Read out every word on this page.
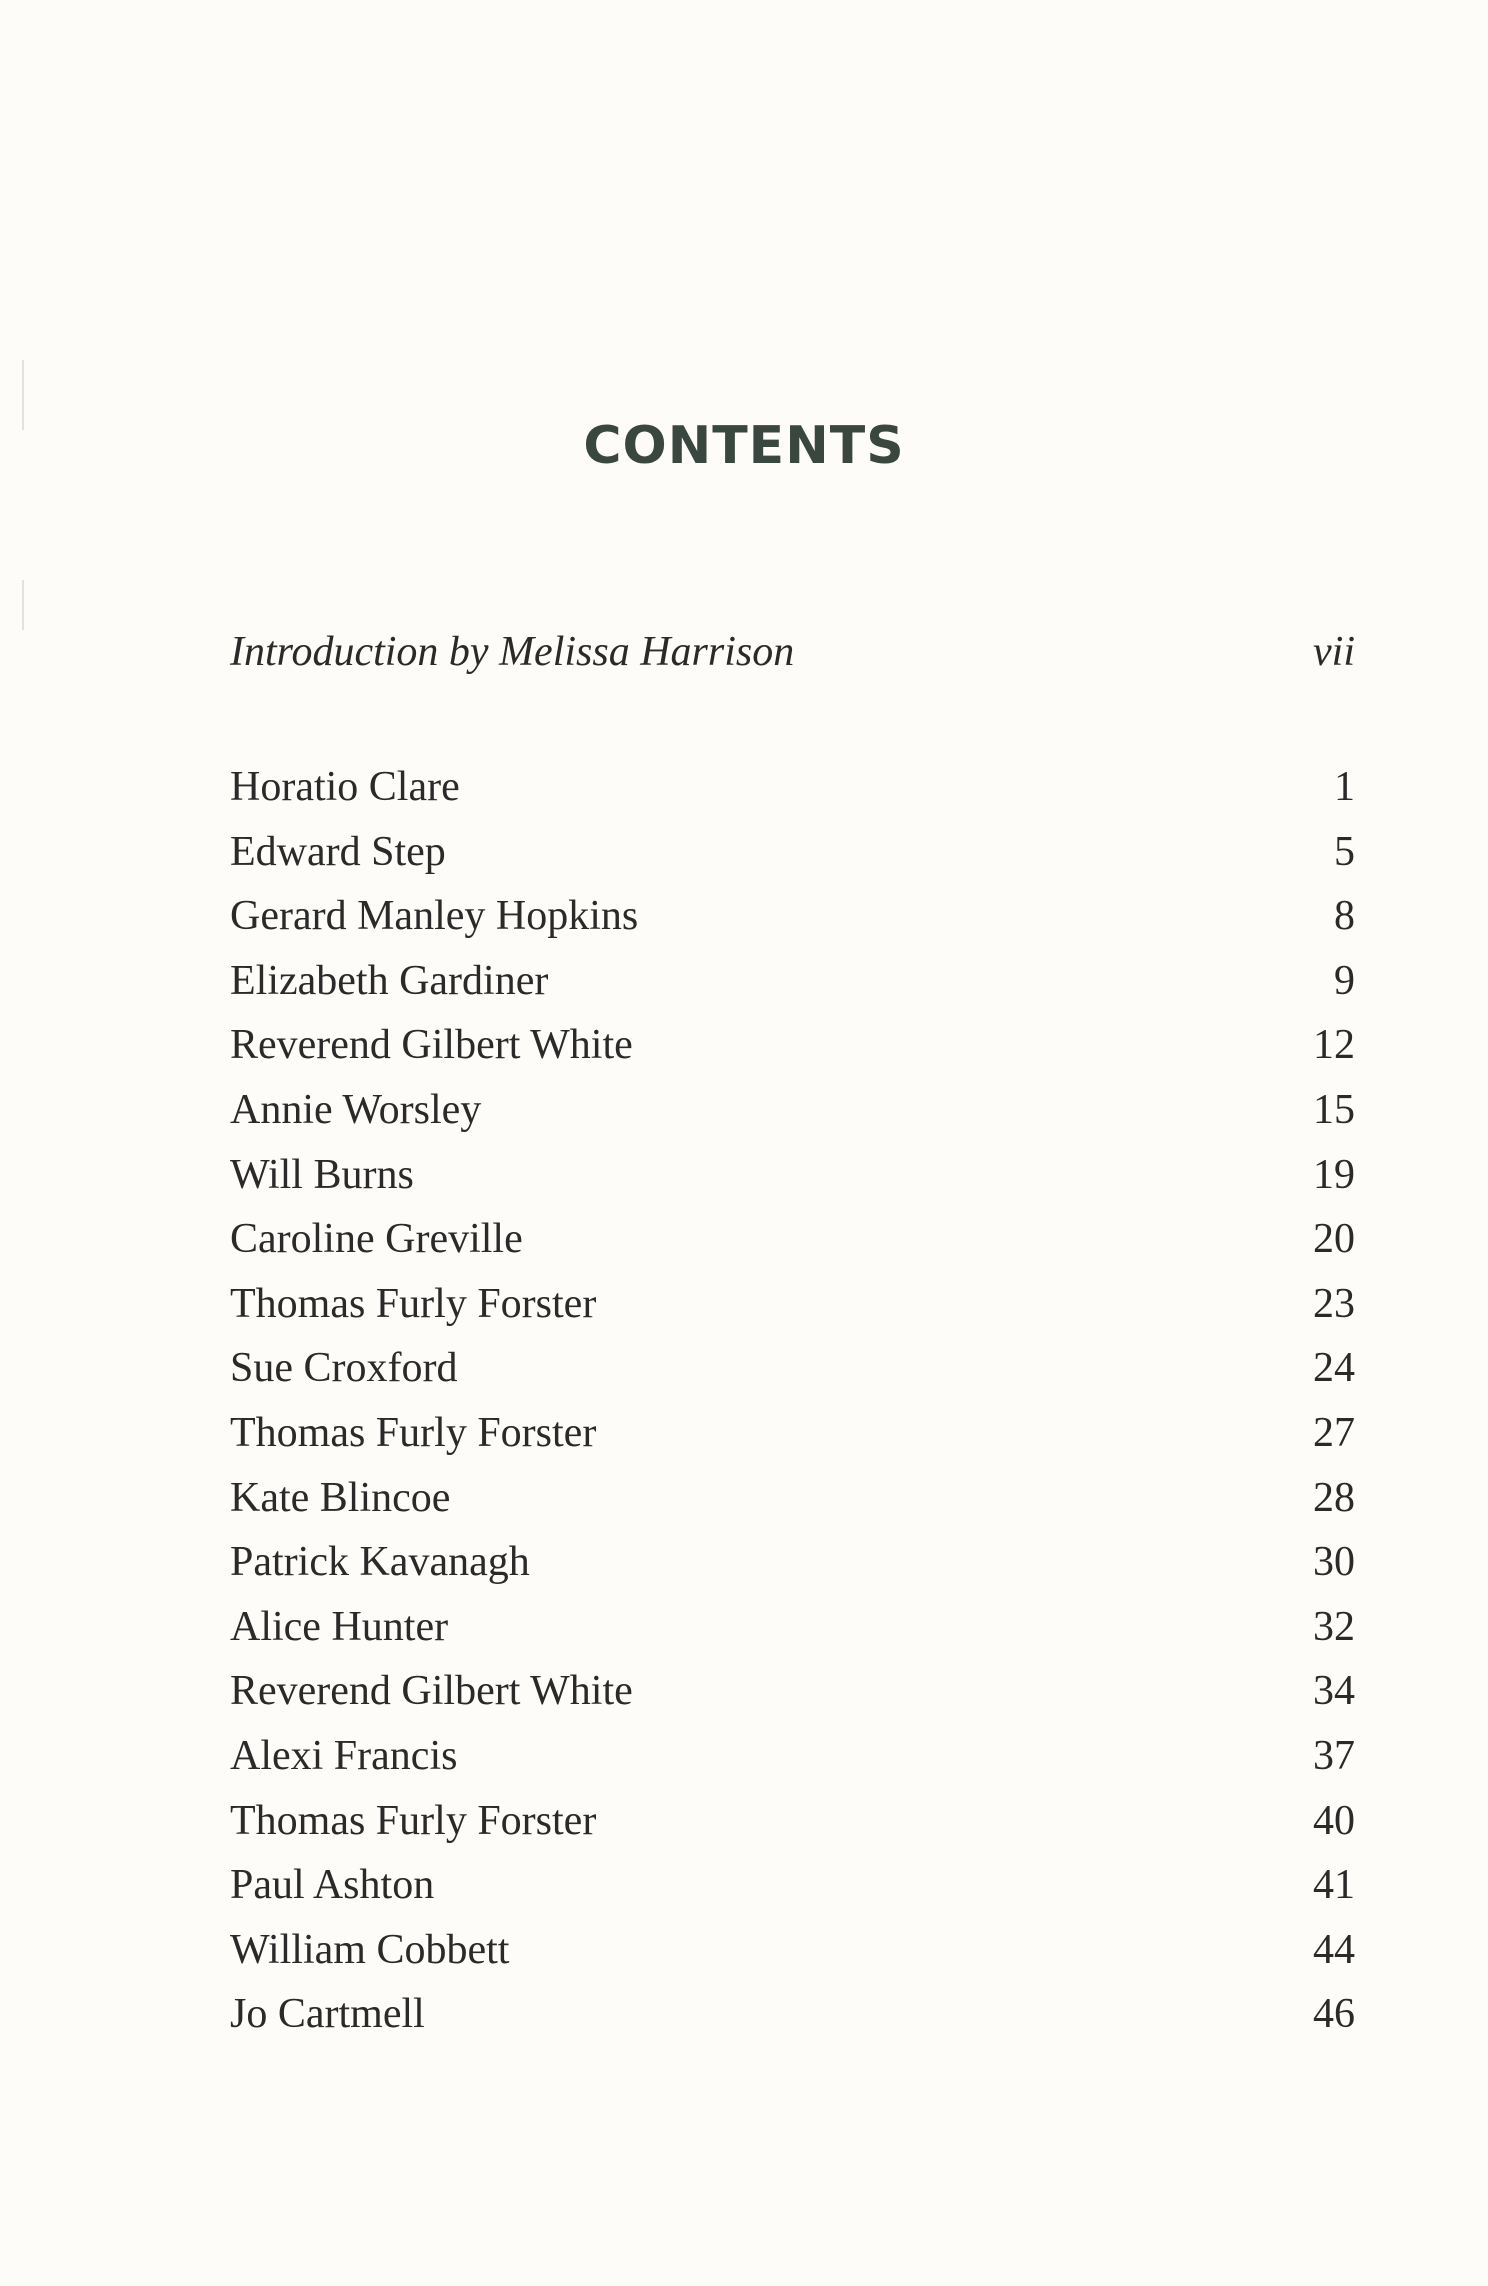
CONTENTS
Introduction by Melissa Harrison	vii
Horatio Clare	1
Edward Step	5
Gerard Manley Hopkins	8
Elizabeth Gardiner	9
Reverend Gilbert White	12
Annie Worsley	15
Will Burns	19
Caroline Greville	20
Thomas Furly Forster	23
Sue Croxford	24
Thomas Furly Forster	27
Kate Blincoe	28
Patrick Kavanagh	30
Alice Hunter	32
Reverend Gilbert White	34
Alexi Francis	37
Thomas Furly Forster	40
Paul Ashton	41
William Cobbett	44
Jo Cartmell	46
